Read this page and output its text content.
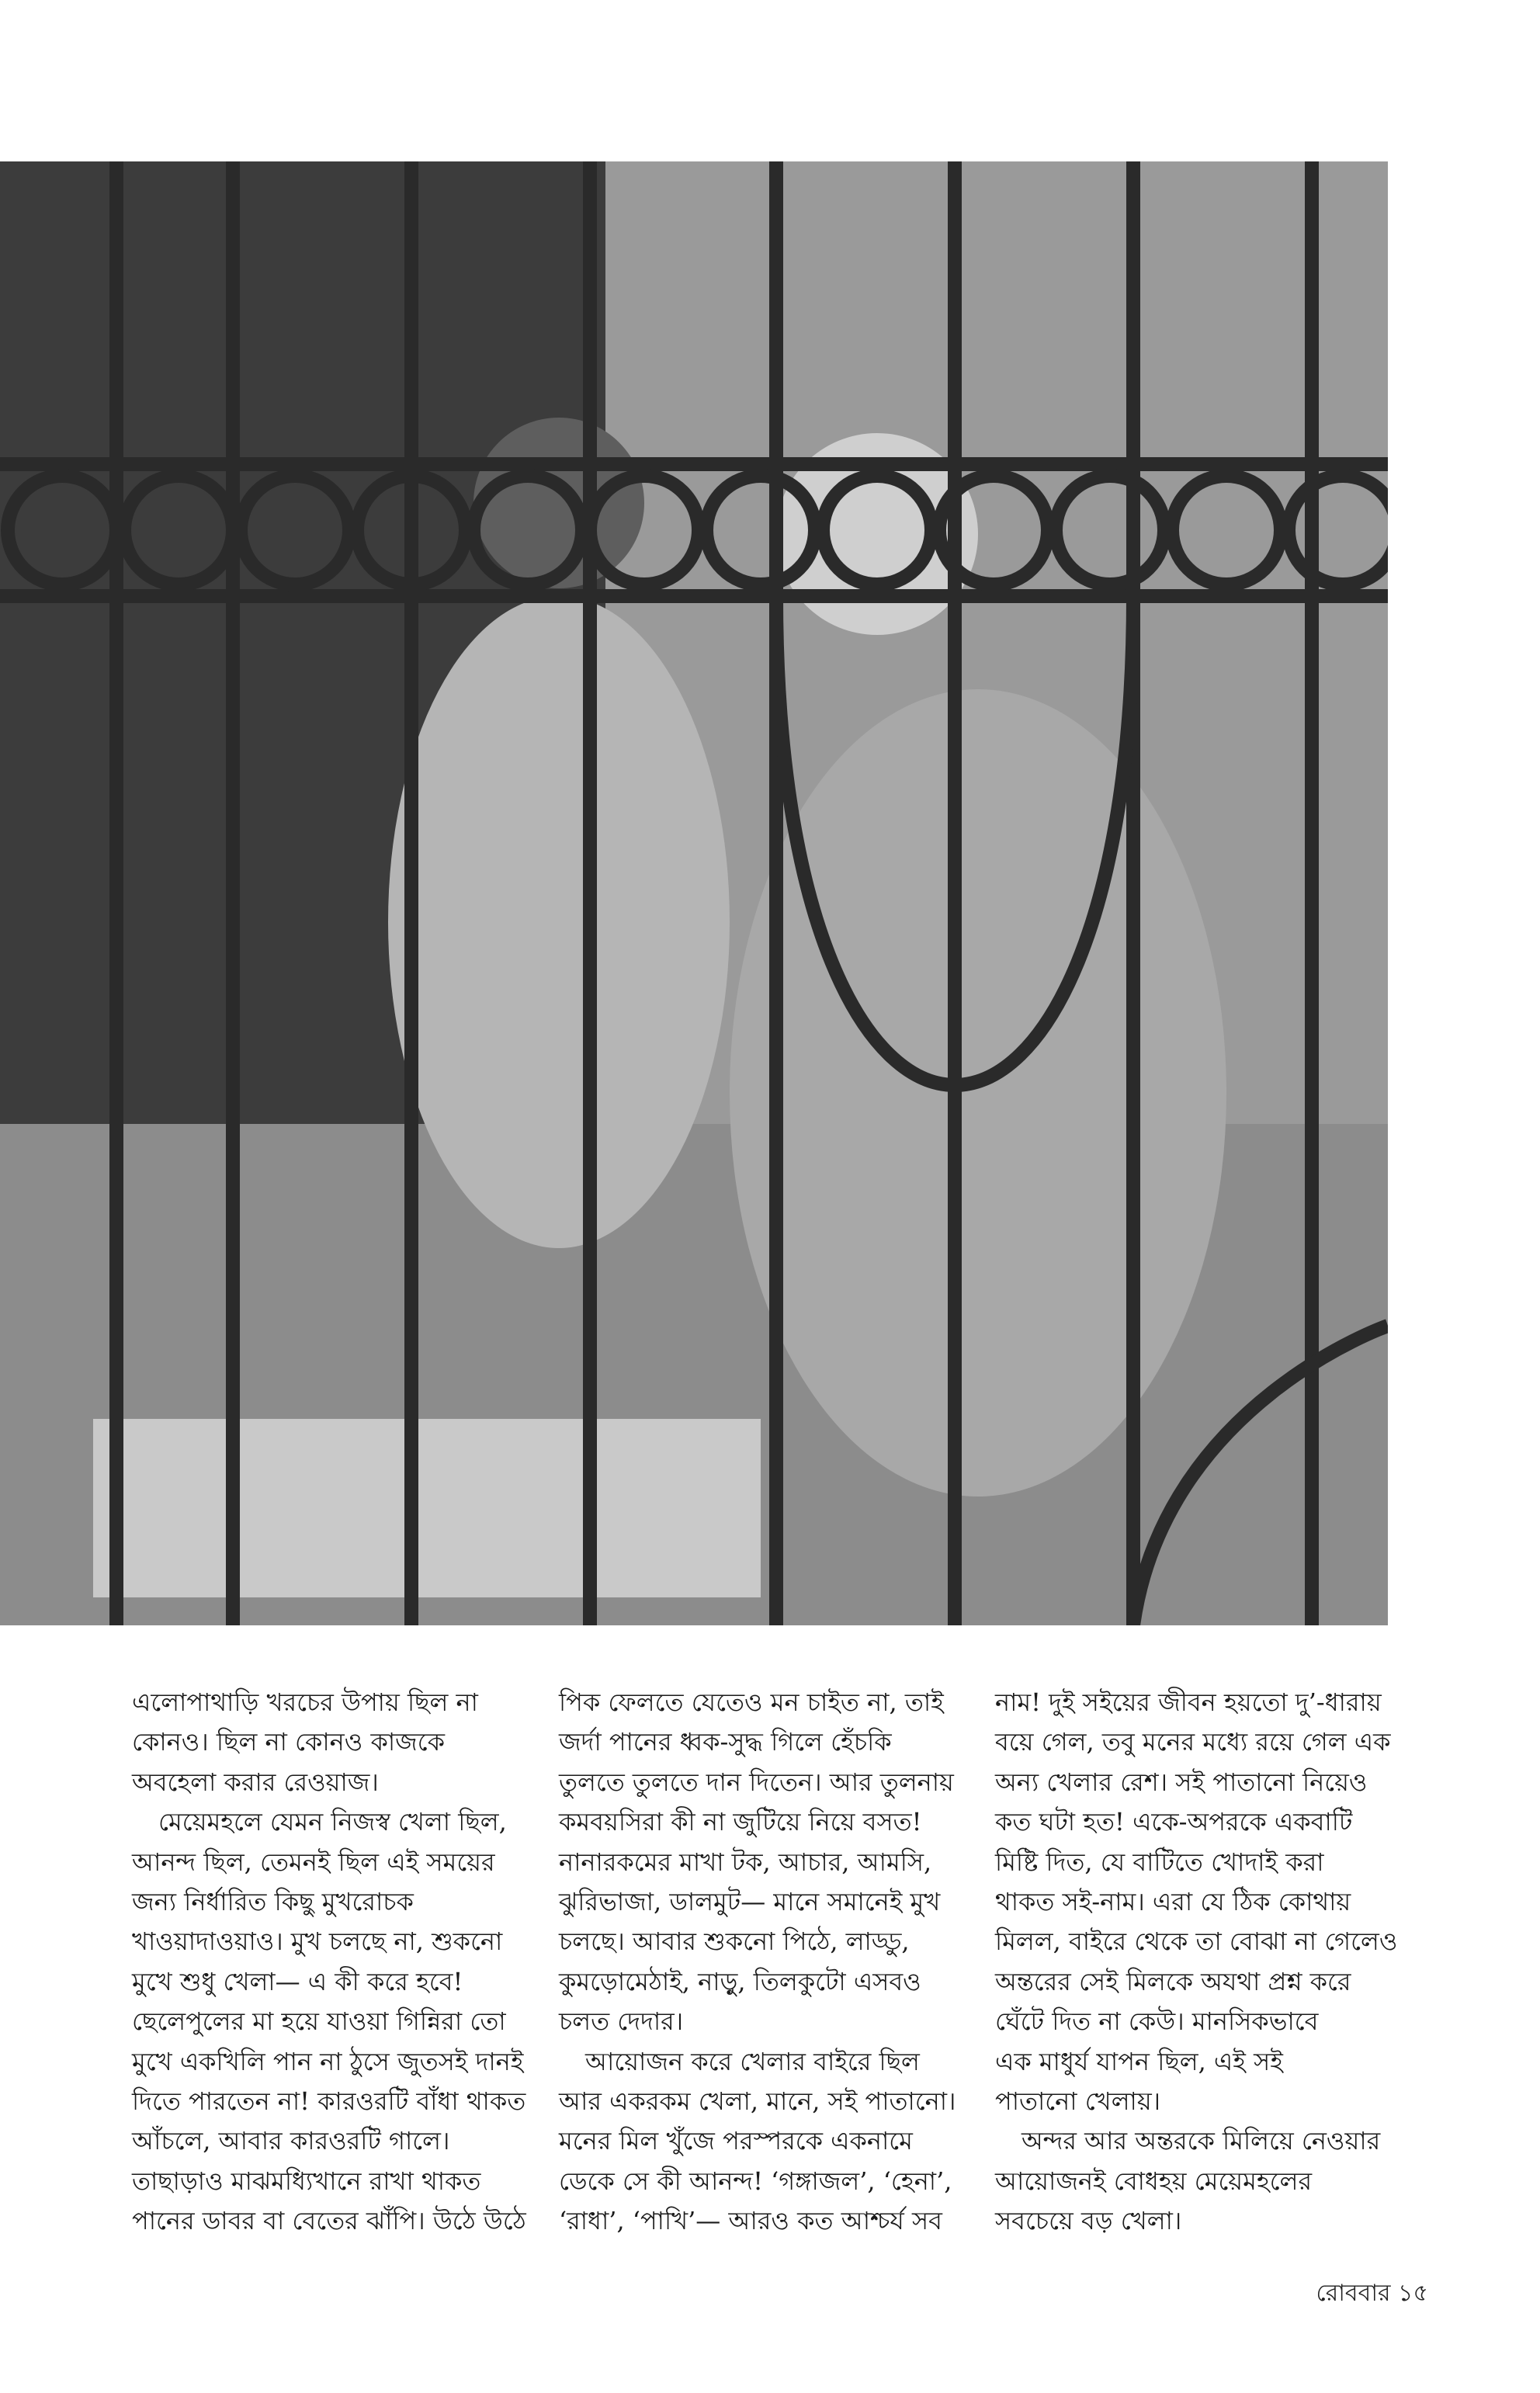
এলোপাথাড়ি খরচের উপায় ছিল না

কোনও। ছিল না কোনও কাজকে

অবহেলা করার রেওয়াজ।

মেয়েমহলে যেমন নিজস্ব খেলা ছিল,

আনন্দ ছিল, তেমনই ছিল এই সময়ের

জন্য নির্ধারিত কিছু মুখরোচক

খাওয়াদাওয়াও। মুখ চলছে না, শুকনো

মুখে শুধু খেলা— এ কী করে হবে!

ছেলেপুলের মা হয়ে যাওয়া গিন্নিরা তো

মুখে একখিলি পান না ঠুসে জুতসই দানই

দিতে পারতেন না! কারওরটি বাঁধা থাকত

আঁচলে, আবার কারওরটি গালে।

তাছাড়াও মাঝমধ্যিখানে রাখা থাকত

পানের ডাবর বা বেতের ঝাঁপি। উঠে উঠে

পিক ফেলতে যেতেও মন চাইত না, তাই

জর্দা পানের ধ্বক-সুদ্ধ গিলে হেঁচকি

তুলতে তুলতে দান দিতেন। আর তুলনায়

কমবয়সিরা কী না জুটিয়ে নিয়ে বসত!

নানারকমের মাখা টক, আচার, আমসি,

ঝুরিভাজা, ডালমুট— মানে সমানেই মুখ

চলছে। আবার শুকনো পিঠে, লাড্ডু,

কুমড়োমেঠাই, নাড়ু, তিলকুটো এসবও

চলত দেদার।

আয়োজন করে খেলার বাইরে ছিল

আর একরকম খেলা, মানে, সই পাতানো।

মনের মিল খুঁজে পরস্পরকে একনামে

ডেকে সে কী আনন্দ! ‘গঙ্গাজল’, ‘হেনা’,

‘রাধা’, ‘পাখি’— আরও কত আশ্চর্য সব

নাম! দুই সইয়ের জীবন হয়তো দু’-ধারায়

বয়ে গেল, তবু মনের মধ্যে রয়ে গেল এক

অন্য খেলার রেশ। সই পাতানো নিয়েও

কত ঘটা হত! একে-অপরকে একবাটি

মিষ্টি দিত, যে বাটিতে খোদাই করা

থাকত সই-নাম। এরা যে ঠিক কোথায়

মিলল, বাইরে থেকে তা বোঝা না গেলেও

অন্তরের সেই মিলকে অযথা প্রশ্ন করে

ঘেঁটে দিত না কেউ। মানসিকভাবে

এক মাধুর্য যাপন ছিল, এই সই

পাতানো খেলায়।

অন্দর আর অন্তরকে মিলিয়ে নেওয়ার

আয়োজনই বোধহয় মেয়েমহলের

সবচেয়ে বড় খেলা।

রোববার ১৫
